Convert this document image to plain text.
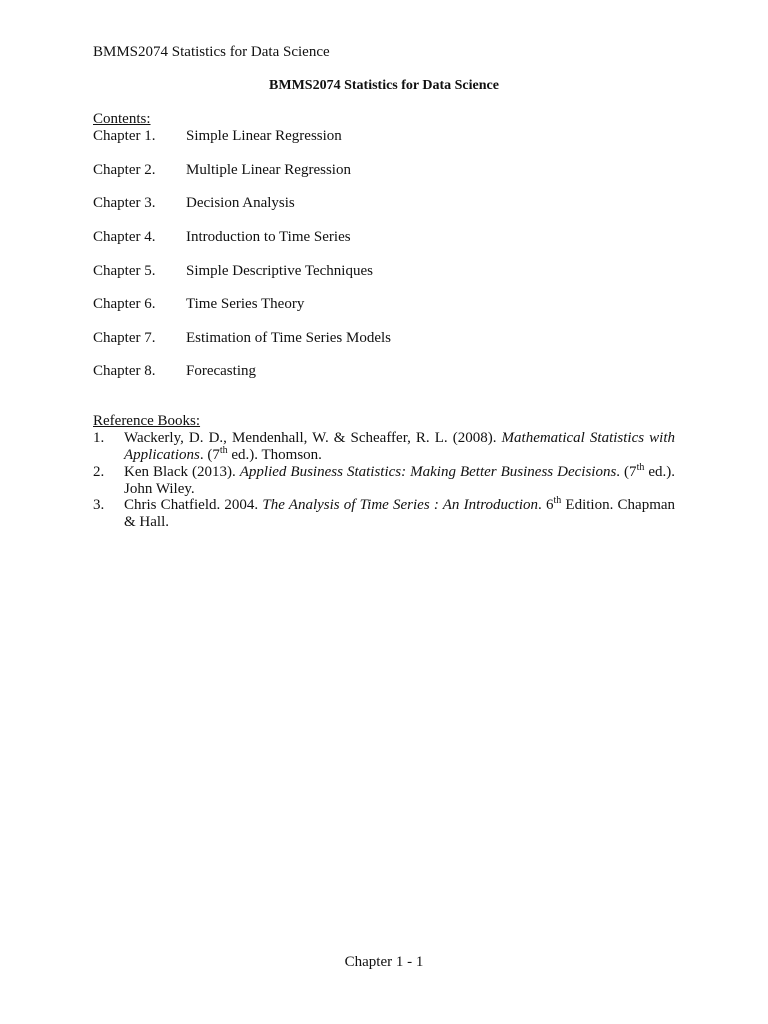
BMMS2074 Statistics for Data Science
BMMS2074 Statistics for Data Science
Contents:
Chapter 1. Simple Linear Regression
Chapter 2. Multiple Linear Regression
Chapter 3. Decision Analysis
Chapter 4. Introduction to Time Series
Chapter 5. Simple Descriptive Techniques
Chapter 6. Time Series Theory
Chapter 7. Estimation of Time Series Models
Chapter 8. Forecasting
Reference Books:
1. Wackerly, D. D., Mendenhall, W. & Scheaffer, R. L. (2008). Mathematical Statistics with Applications. (7th ed.). Thomson.
2. Ken Black (2013). Applied Business Statistics: Making Better Business Decisions. (7th ed.). John Wiley.
3. Chris Chatfield. 2004. The Analysis of Time Series : An Introduction. 6th Edition. Chapman & Hall.
Chapter 1 - 1
